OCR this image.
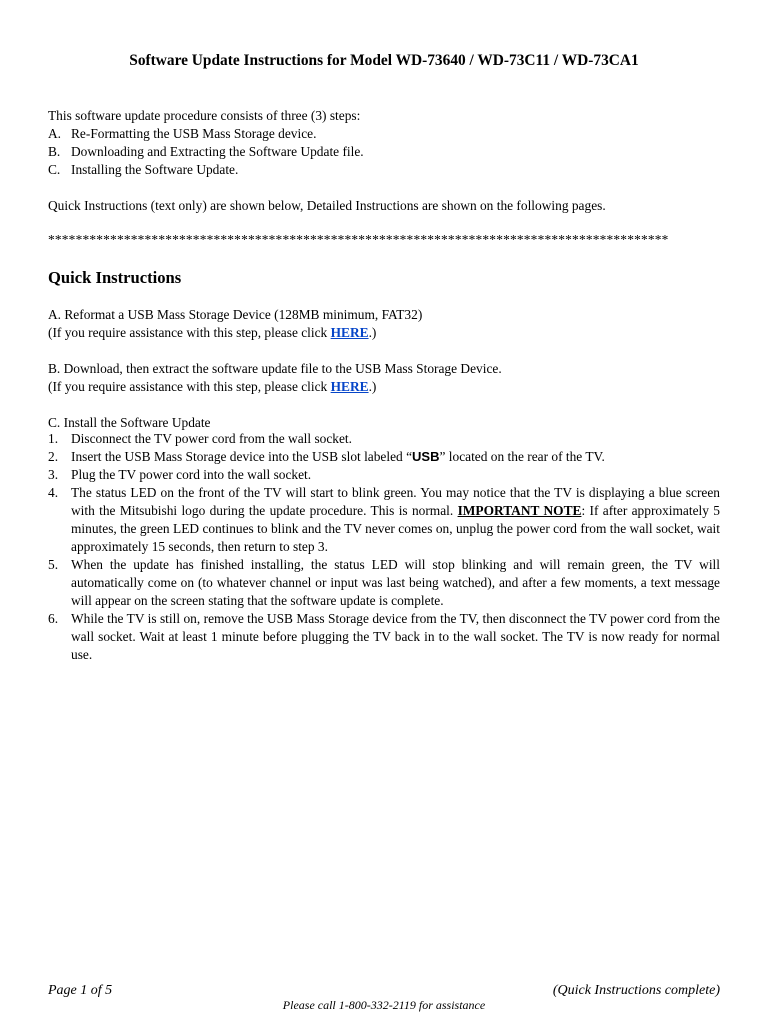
Software Update Instructions for Model WD-73640 / WD-73C11 / WD-73CA1
This software update procedure consists of three (3) steps:
A. Re-Formatting the USB Mass Storage device.
B. Downloading and Extracting the Software Update file.
C. Installing the Software Update.
Quick Instructions (text only) are shown below, Detailed Instructions are shown on the following pages.
******************************************************************************************
Quick Instructions
A. Reformat a USB Mass Storage Device (128MB minimum, FAT32)
(If you require assistance with this step, please click HERE.)
B. Download, then extract the software update file to the USB Mass Storage Device.
(If you require assistance with this step, please click HERE.)
C. Install the Software Update
1. Disconnect the TV power cord from the wall socket.
2. Insert the USB Mass Storage device into the USB slot labeled “USB” located on the rear of the TV.
3. Plug the TV power cord into the wall socket.
4. The status LED on the front of the TV will start to blink green. You may notice that the TV is displaying a blue screen with the Mitsubishi logo during the update procedure. This is normal. IMPORTANT NOTE: If after approximately 5 minutes, the green LED continues to blink and the TV never comes on, unplug the power cord from the wall socket, wait approximately 15 seconds, then return to step 3.
5. When the update has finished installing, the status LED will stop blinking and will remain green, the TV will automatically come on (to whatever channel or input was last being watched), and after a few moments, a text message will appear on the screen stating that the software update is complete.
6. While the TV is still on, remove the USB Mass Storage device from the TV, then disconnect the TV power cord from the wall socket. Wait at least 1 minute before plugging the TV back in to the wall socket. The TV is now ready for normal use.
Page 1 of 5	(Quick Instructions complete)
Please call 1-800-332-2119 for assistance
